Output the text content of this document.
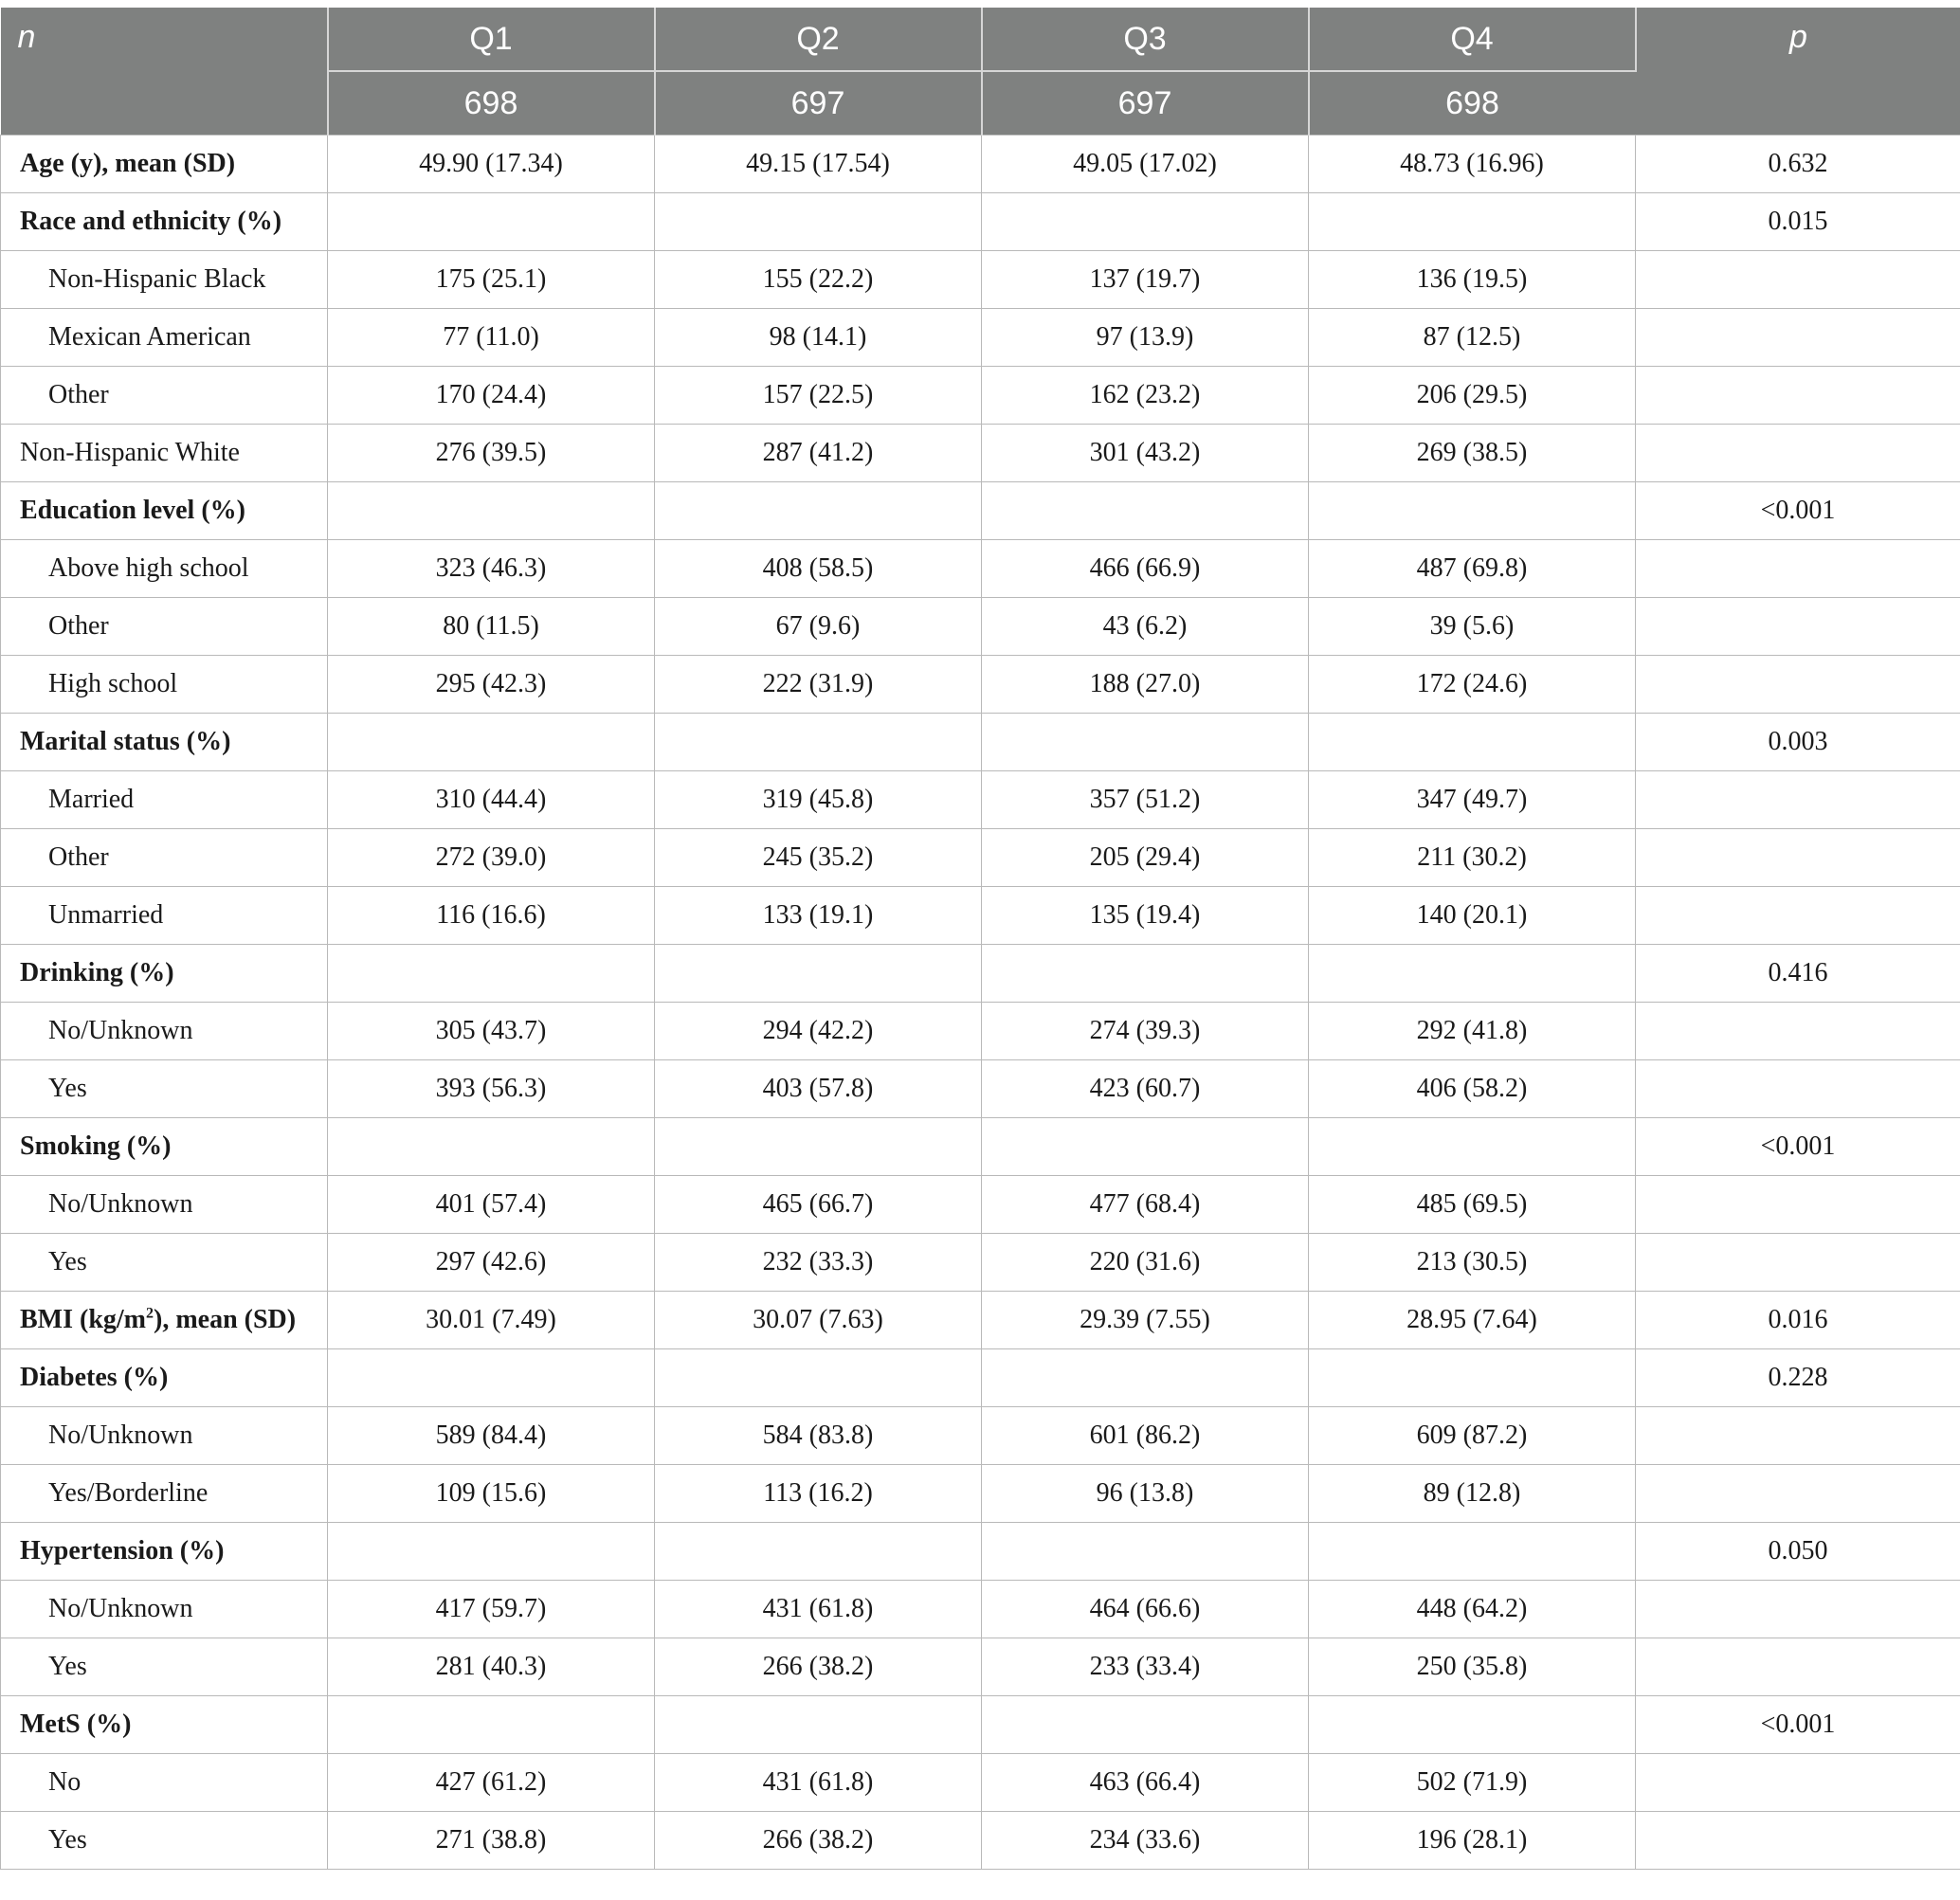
n	Q1	Q2	Q3	Q4	p
	698	697	697	698	
Age (y), mean (SD)	49.90 (17.34)	49.15 (17.54)	49.05 (17.02)	48.73 (16.96)	0.632
Race and ethnicity (%)					0.015
Non-Hispanic Black	175 (25.1)	155 (22.2)	137 (19.7)	136 (19.5)	
Mexican American	77 (11.0)	98 (14.1)	97 (13.9)	87 (12.5)	
Other	170 (24.4)	157 (22.5)	162 (23.2)	206 (29.5)	
Non-Hispanic White	276 (39.5)	287 (41.2)	301 (43.2)	269 (38.5)	
Education level (%)					<0.001
Above high school	323 (46.3)	408 (58.5)	466 (66.9)	487 (69.8)	
Other	80 (11.5)	67 (9.6)	43 (6.2)	39 (5.6)	
High school	295 (42.3)	222 (31.9)	188 (27.0)	172 (24.6)	
Marital status (%)					0.003
Married	310 (44.4)	319 (45.8)	357 (51.2)	347 (49.7)	
Other	272 (39.0)	245 (35.2)	205 (29.4)	211 (30.2)	
Unmarried	116 (16.6)	133 (19.1)	135 (19.4)	140 (20.1)	
Drinking (%)					0.416
No/Unknown	305 (43.7)	294 (42.2)	274 (39.3)	292 (41.8)	
Yes	393 (56.3)	403 (57.8)	423 (60.7)	406 (58.2)	
Smoking (%)					<0.001
No/Unknown	401 (57.4)	465 (66.7)	477 (68.4)	485 (69.5)	
Yes	297 (42.6)	232 (33.3)	220 (31.6)	213 (30.5)	
BMI $(kg/m^2)$, mean (SD)	30.01 (7.49)	30.07 (7.63)	29.39 (7.55)	28.95 (7.64)	0.016
Diabetes (%)					0.228
No/Unknown	589 (84.4)	584 (83.8)	601 (86.2)	609 (87.2)	
Yes/Borderline	109 (15.6)	113 (16.2)	96 (13.8)	89 (12.8)	
Hypertension (%)					0.050
No/Unknown	417 (59.7)	431 (61.8)	464 (66.6)	448 (64.2)	
Yes	281 (40.3)	266 (38.2)	233 (33.4)	250 (35.8)	
MetS (%)					<0.001
No	427 (61.2)	431 (61.8)	463 (66.4)	502 (71.9)	
Yes	271 (38.8)	266 (38.2)	234 (33.6)	196 (28.1)	
